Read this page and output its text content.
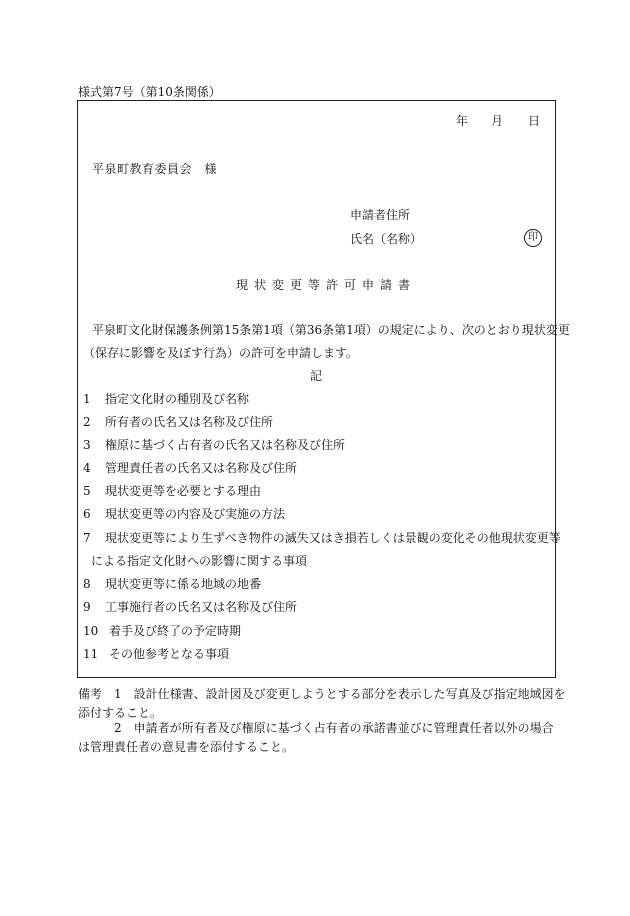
様式第7号（第10条関係）
年 月 日
平泉町教育委員会　様
申請者住所
氏名（名称）	印
現状変更等許可申請書
平泉町文化財保護条例第15条第1項（第36条第1項）の規定により、次のとおり現状変更
（保存に影響を及ぼす行為）の許可を申請します。
記
1 指定文化財の種別及び名称
2 所有者の氏名又は名称及び住所
3 権原に基づく占有者の氏名又は名称及び住所
4 管理責任者の氏名又は名称及び住所
5 現状変更等を必要とする理由
6 現状変更等の内容及び実施の方法
7 現状変更等により生ずべき物件の滅失又はき損若しくは景観の変化その他現状変更等
による指定文化財への影響に関する事項
8 現状変更等に係る地域の地番
9 工事施行者の氏名又は名称及び住所
10 着手及び終了の予定時期
11 その他参考となる事項
備考　1　設計仕様書、設計図及び変更しようとする部分を表示した写真及び指定地域図を
添付すること。
2　申請者が所有者及び権原に基づく占有者の承諾書並びに管理責任者以外の場合
は管理責任者の意見書を添付すること。
